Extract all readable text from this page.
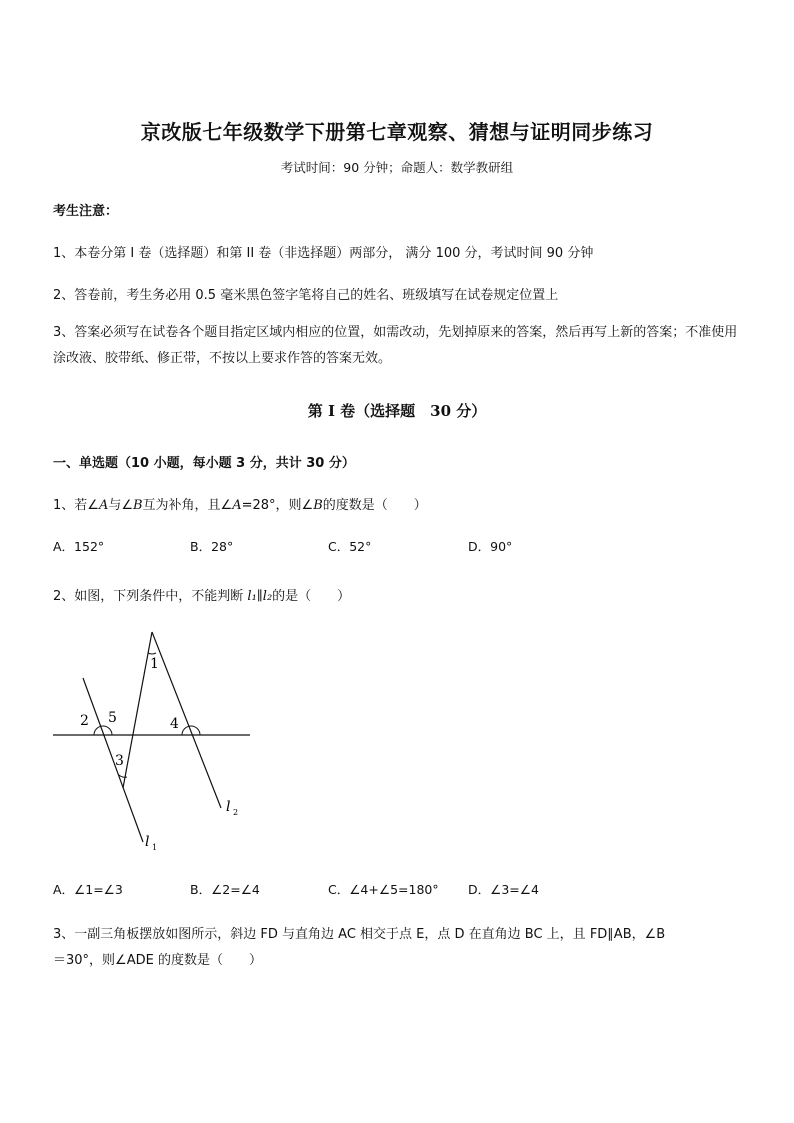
京改版七年级数学下册第七章观察、猜想与证明同步练习
考试时间：90 分钟；命题人：数学教研组
考生注意：
1、本卷分第 I 卷（选择题）和第 II 卷（非选择题）两部分， 满分 100 分，考试时间 90 分钟
2、答卷前，考生务必用 0.5 毫米黑色签字笔将自己的姓名、班级填写在试卷规定位置上
3、答案必须写在试卷各个题目指定区域内相应的位置，如需改动，先划掉原来的答案，然后再写上新的答案；不准使用涂改液、胶带纸、修正带，不按以上要求作答的答案无效。
第 I 卷（选择题　30 分）
一、单选题（10 小题，每小题 3 分，共计 30 分）
1、若∠A与∠B互为补角，且∠A=28°，则∠B的度数是（　　）
A．152°	B．28°	C．52°	D．90°
2、如图，下列条件中，不能判断 l₁∥l₂的是（　　）
1
2 5	4
3
l 1
l 2
A．∠1=∠3	B．∠2=∠4	C．∠4+∠5=180° D．∠3=∠4
3、一副三角板摆放如图所示，斜边 FD 与直角边 AC 相交于点 E，点 D 在直角边 BC 上，且 FD∥AB，∠B
＝30°，则∠ADE 的度数是（　　）
